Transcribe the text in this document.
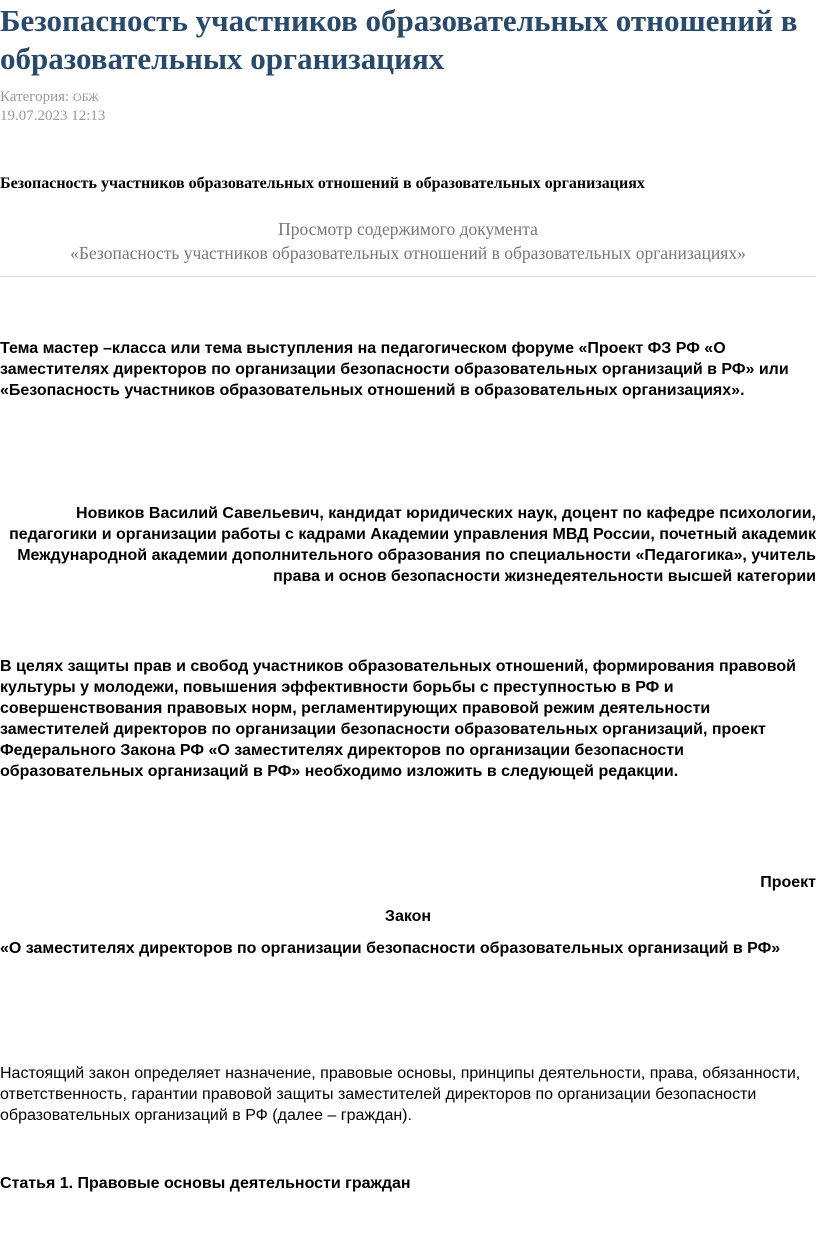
Безопасность участников образовательных отношений в образовательных организациях
Категория: ОБЖ
19.07.2023 12:13
Безопасность участников образовательных отношений в образовательных организациях
Просмотр содержимого документа
«Безопасность участников образовательных отношений в образовательных организациях»

Тема мастер –класса или тема выступления на педагогическом форуме «Проект ФЗ РФ «О заместителях директоров по организации безопасности образовательных организаций в РФ» или «Безопасность участников образовательных отношений в образовательных организациях».

Новиков Василий Савельевич, кандидат юридических наук, доцент по кафедре психологии, педагогики и организации работы с кадрами Академии управления МВД России, почетный академик Международной академии дополнительного образования по специальности «Педагогика», учитель права и основ безопасности жизнедеятельности высшей категории

В целях защиты прав и свобод участников образовательных отношений, формирования правовой культуры у молодежи, повышения эффективности борьбы с преступностью в РФ и совершенствования правовых норм, регламентирующих правовой режим деятельности заместителей директоров по организации безопасности образовательных организаций, проект Федерального Закона РФ «О заместителях директоров по организации безопасности образовательных организаций в РФ» необходимо изложить в следующей редакции.

Проект

Закон

«О заместителях директоров по организации безопасности образовательных организаций в РФ»

Настоящий закон определяет назначение, правовые основы, принципы деятельности, права, обязанности, ответственность, гарантии правовой защиты заместителей директоров по организации безопасности образовательных организаций в РФ (далее – граждан).

Статья 1. Правовые основы деятельности граждан
